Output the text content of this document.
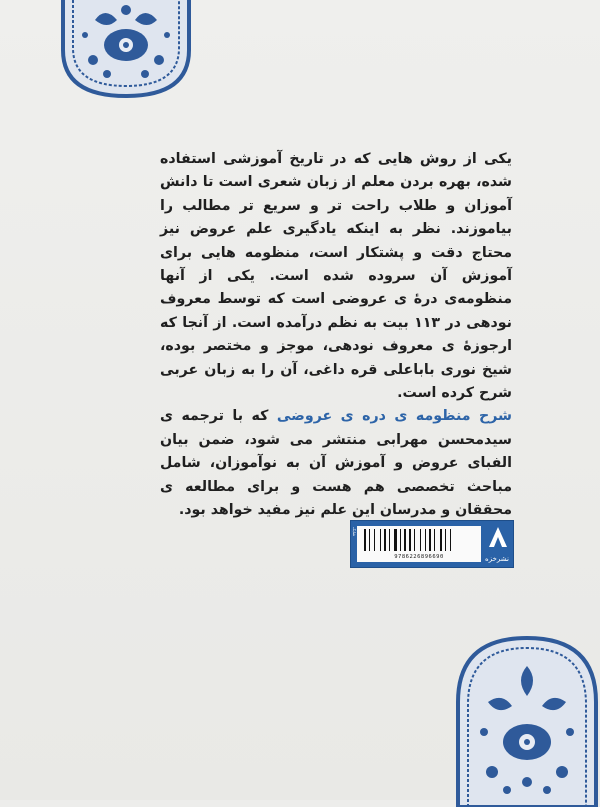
یکی از روش هایی که در تاریخ آموزشی استفاده شده، بهره بردن معلم از زبان شعری است تا دانش آموزان و طلاب راحت تر و سریع تر مطالب را بیاموزند. نظر به اینکه یادگیری علم عروض نیز محتاج دقت و پشتکار است، منظومه هایی برای آموزش آن سروده شده است. یکی از آنها منظومه‌ی درهٔ ی عروضی است که توسط معروف نودهی در ۱۱۳ بیت به نظم درآمده است. از آنجا که ارجوزهٔ ی معروف نودهی، موجز و مختصر بوده، شیخ نوری باباعلی قره داغی، آن را به زبان عربی شرح کرده است.

شرح منظومه ی دره ی عروضی که با ترجمه ی سیدمحسن مهرابی منتشر می شود، ضمن بیان الفبای عروض و آموزش آن به نوآموزان، شامل مباحث تخصصی هم هست و برای مطالعه ی محققان و مدرسان این علم نیز مفید خواهد بود.

شابک
9786226896690	نشرخزه
